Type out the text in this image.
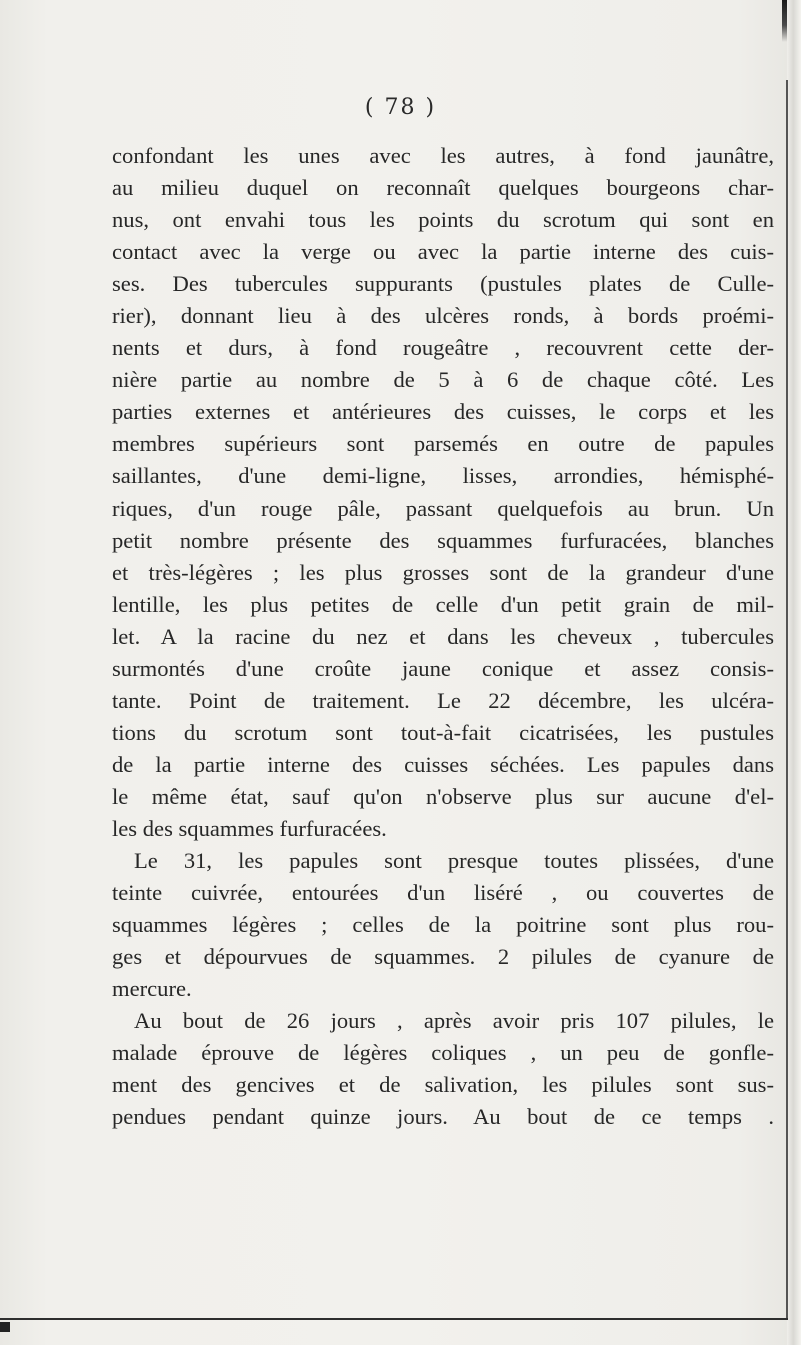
( 78 )
confondant les unes avec les autres, à fond jaunâtre,
au milieu duquel on reconnaît quelques bourgeons char-
nus, ont envahi tous les points du scrotum qui sont en
contact avec la verge ou avec la partie interne des cuis-
ses. Des tubercules suppurants (pustules plates de Culle-
rier), donnant lieu à des ulcères ronds, à bords proémi-
nents et durs, à fond rougeâtre , recouvrent cette der-
nière partie au nombre de 5 à 6 de chaque côté. Les
parties externes et antérieures des cuisses, le corps et les
membres supérieurs sont parsemés en outre de papules
saillantes, d'une demi-ligne, lisses, arrondies, hémisphé-
riques, d'un rouge pâle, passant quelquefois au brun. Un
petit nombre présente des squammes furfuracées, blanches
et très-légères ; les plus grosses sont de la grandeur d'une
lentille, les plus petites de celle d'un petit grain de mil-
let. A la racine du nez et dans les cheveux , tubercules
surmontés d'une croûte jaune conique et assez consis-
tante. Point de traitement. Le 22 décembre, les ulcéra-
tions du scrotum sont tout-à-fait cicatrisées, les pustules
de la partie interne des cuisses séchées. Les papules dans
le même état, sauf qu'on n'observe plus sur aucune d'el-
les des squammes furfuracées.
Le 31, les papules sont presque toutes plissées, d'une
teinte cuivrée, entourées d'un liséré , ou couvertes de
squammes légères ; celles de la poitrine sont plus rou-
ges et dépourvues de squammes. 2 pilules de cyanure de
mercure.
Au bout de 26 jours , après avoir pris 107 pilules, le
malade éprouve de légères coliques , un peu de gonfle-
ment des gencives et de salivation, les pilules sont sus-
pendues pendant quinze jours. Au bout de ce temps .
